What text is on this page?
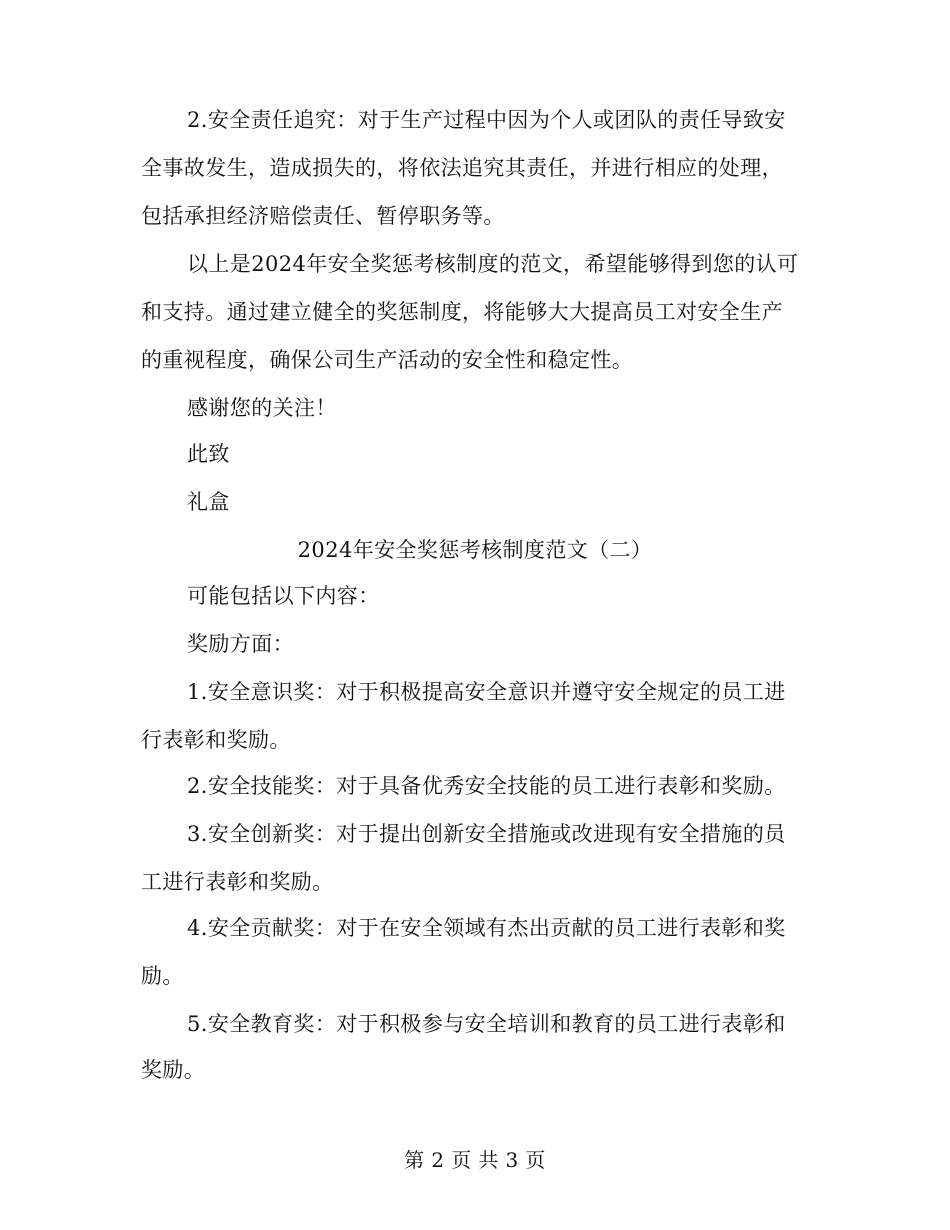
2.安全责任追究：对于生产过程中因为个人或团队的责任导致安
全事故发生，造成损失的，将依法追究其责任，并进行相应的处理，
包括承担经济赔偿责任、暂停职务等。
以上是2024年安全奖惩考核制度的范文，希望能够得到您的认可
和支持。通过建立健全的奖惩制度，将能够大大提高员工对安全生产
的重视程度，确保公司生产活动的安全性和稳定性。
感谢您的关注！
此致
礼盒
2024年安全奖惩考核制度范文（二）
可能包括以下内容：
奖励方面：
1.安全意识奖：对于积极提高安全意识并遵守安全规定的员工进
行表彰和奖励。
2.安全技能奖：对于具备优秀安全技能的员工进行表彰和奖励。
3.安全创新奖：对于提出创新安全措施或改进现有安全措施的员
工进行表彰和奖励。
4.安全贡献奖：对于在安全领域有杰出贡献的员工进行表彰和奖
励。
5.安全教育奖：对于积极参与安全培训和教育的员工进行表彰和
奖励。
第 2 页 共 3 页
